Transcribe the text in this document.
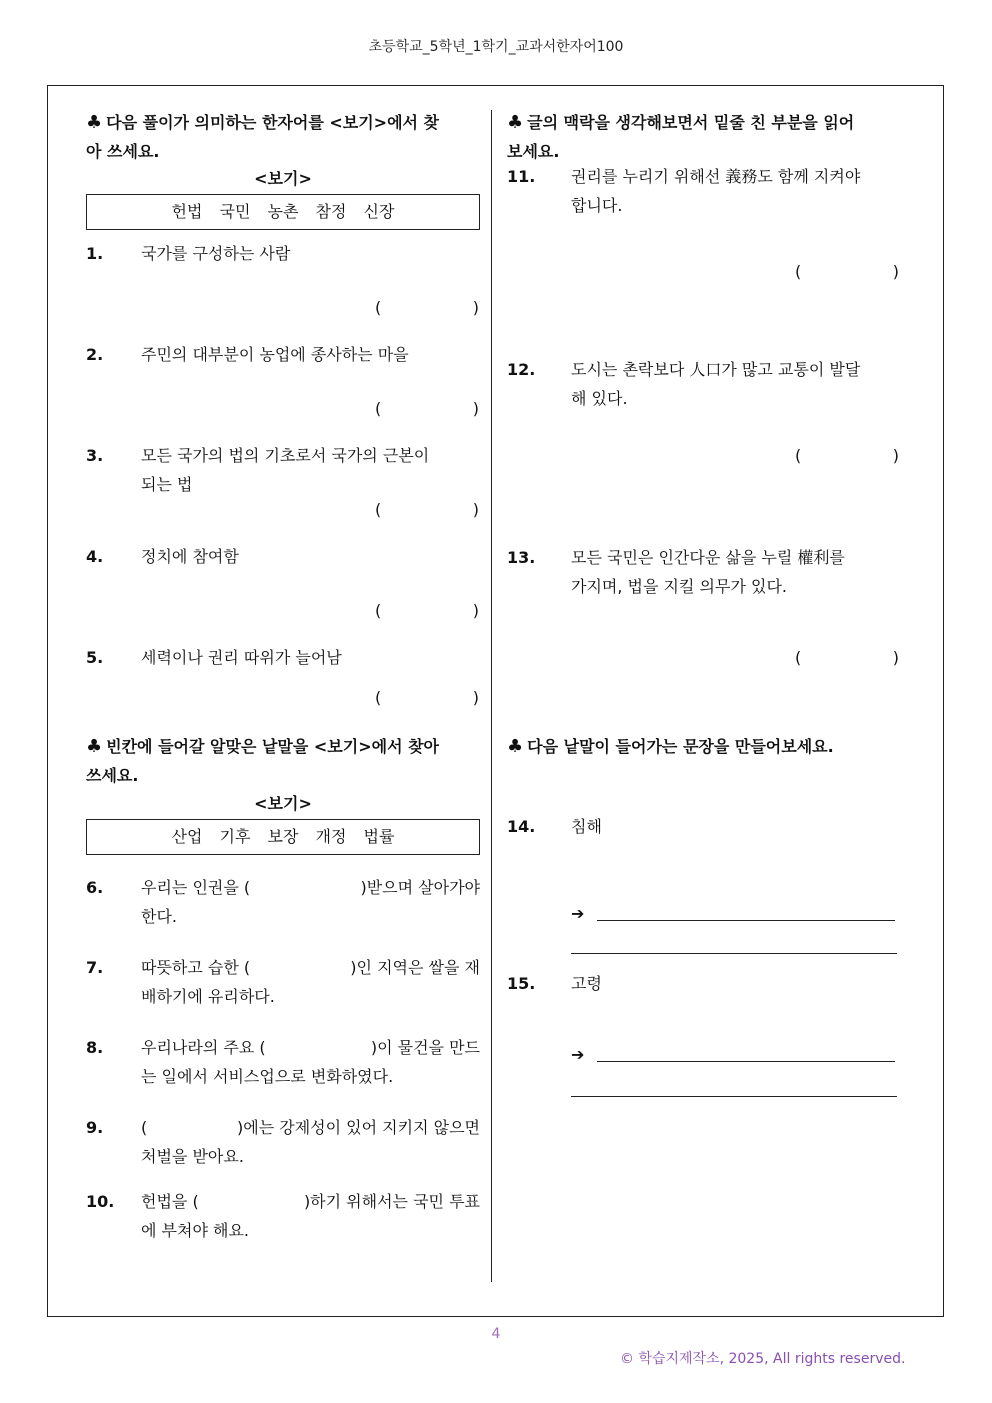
초등학교_5학년_1학기_교과서한자어100
♣ 다음 풀이가 의미하는 한자어를 <보기>에서 찾
아 쓰세요.
<보기>
헌법 국민 농촌 참정 신장
1. 국가를 구성하는 사람
(	)
2. 주민의 대부분이 농업에 종사하는 마을
(	)
3. 모든 국가의 법의 기초로서 국가의 근본이
되는 법
(	)
4. 정치에 참여함
(	)
5. 세력이나 권리 따위가 늘어남
(	)
♣ 빈칸에 들어갈 알맞은 낱말을 <보기>에서 찾아
쓰세요.
<보기>
산업 기후 보장 개정 법률
6. 우리는 인권을 (	)받으며 살아가야
한다.
7. 따뜻하고 습한 (	)인 지역은 쌀을 재
배하기에 유리하다.
8. 우리나라의 주요 (	)이 물건을 만드
는 일에서 서비스업으로 변화하였다.
9. (	)에는 강제성이 있어 지키지 않으면
처벌을 받아요.
10. 헌법을 (	)하기 위해서는 국민 투표
에 부쳐야 해요.
♣ 글의 맥락을 생각해보면서 밑줄 친 부분을 읽어
보세요.
11. 권리를 누리기 위해선 義務도 함께 지켜야
합니다.
(	)
12. 도시는 촌락보다 人口가 많고 교통이 발달
해 있다.
(	)
13. 모든 국민은 인간다운 삶을 누릴 權利를
가지며, 법을 지킬 의무가 있다.
(	)
♣ 다음 낱말이 들어가는 문장을 만들어보세요.
14. 침해
➔
15. 고령
➔
4
© 학습지제작소, 2025, All rights reserved.
